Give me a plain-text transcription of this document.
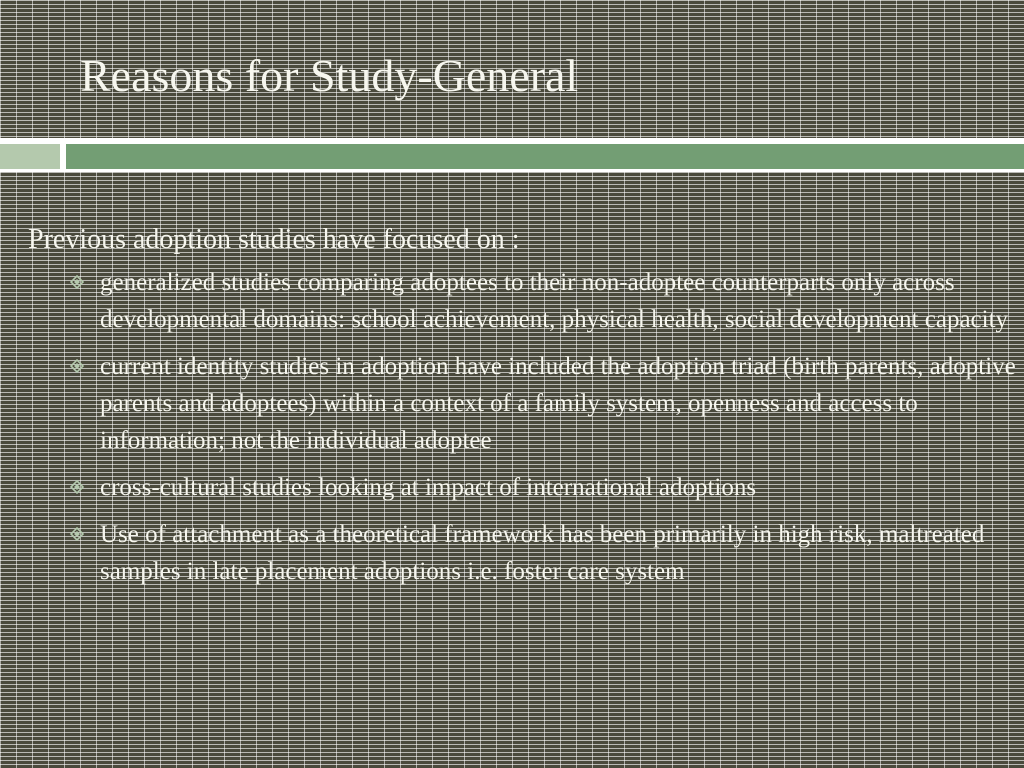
Reasons for Study-General

Previous adoption studies have focused on :

generalized studies comparing adoptees to their non-adoptee counterparts only across developmental domains: school achievement, physical health, social development capacity
current identity studies in adoption have included the adoption triad (birth parents, adoptive parents and adoptees) within a context of a family system, openness and access to information; not the individual adoptee
cross-cultural studies looking at impact of international adoptions
Use of attachment as a theoretical framework has been primarily in high risk, maltreated samples in late placement adoptions i.e. foster care system
